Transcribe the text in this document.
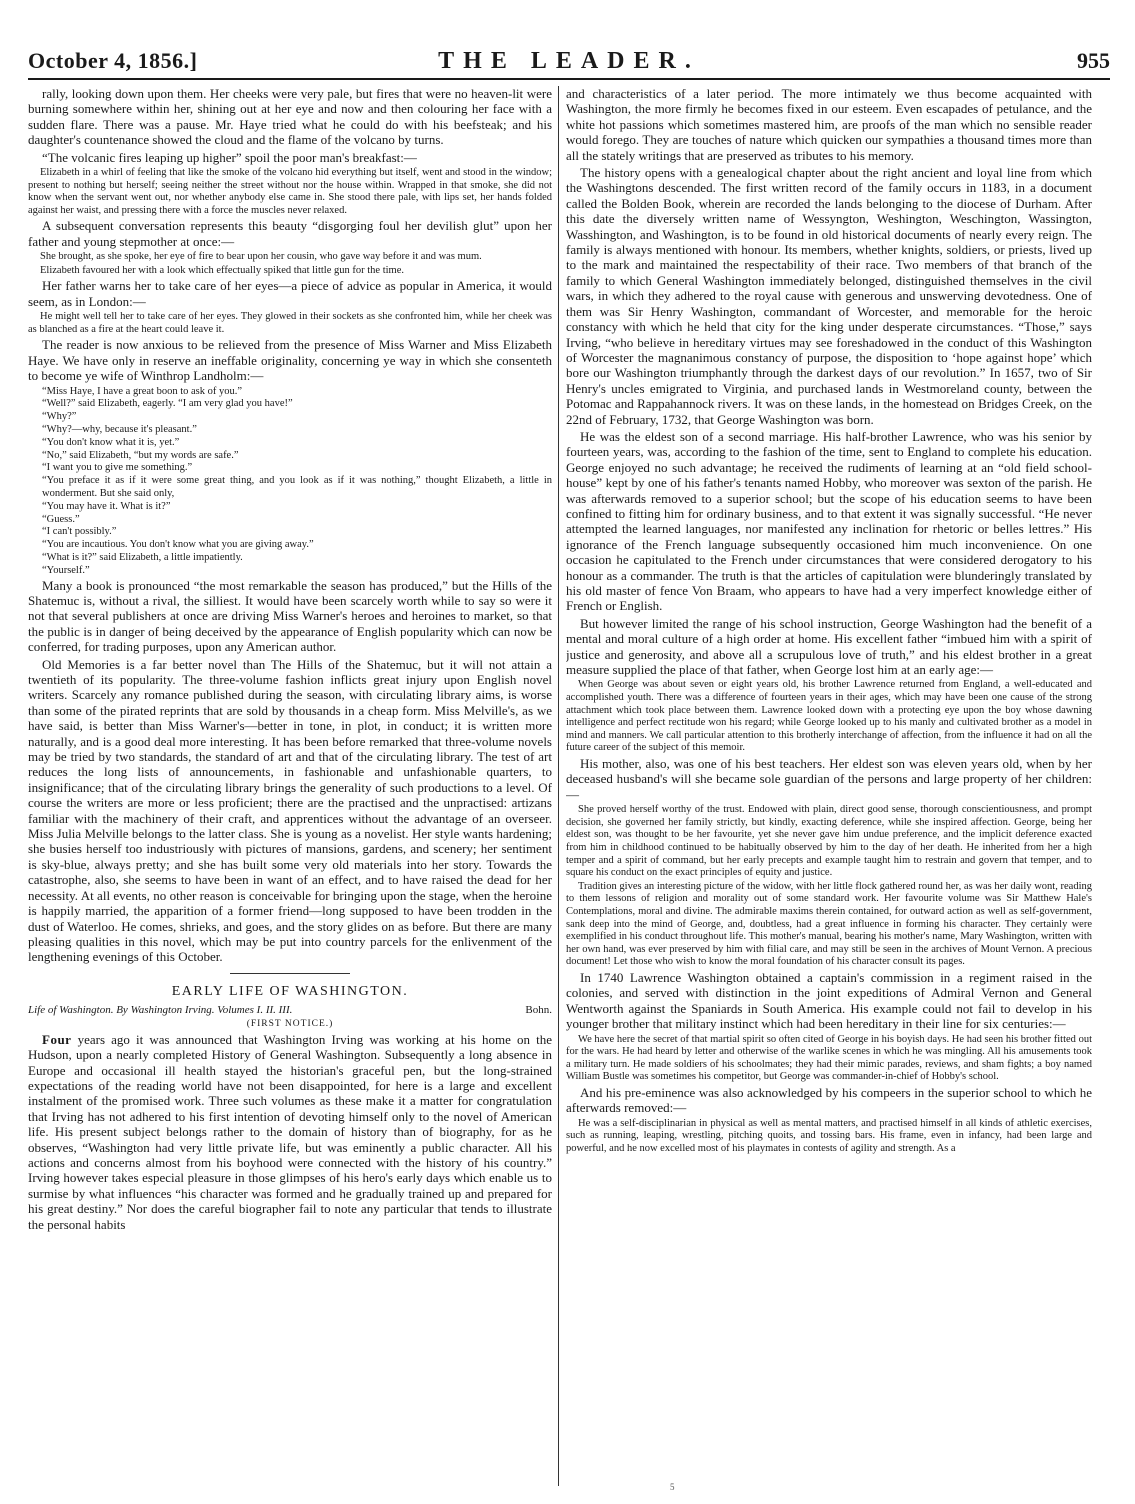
October 4, 1856.]	THE LEADER.	955

rally, looking down upon them. Her cheeks were very pale, but fires that were no heaven-lit were burning somewhere within her, shining out at her eye and now and then colouring her face with a sudden flare. There was a pause. Mr. Haye tried what he could do with his beefsteak; and his daughter's countenance showed the cloud and the flame of the volcano by turns.

“The volcanic fires leaping up higher” spoil the poor man's breakfast:—

Elizabeth in a whirl of feeling that like the smoke of the volcano hid everything but itself, went and stood in the window; present to nothing but herself; seeing neither the street without nor the house within. Wrapped in that smoke, she did not know when the servant went out, nor whether anybody else came in. She stood there pale, with lips set, her hands folded against her waist, and pressing there with a force the muscles never relaxed.

A subsequent conversation represents this beauty “disgorging foul her devilish glut” upon her father and young stepmother at once:—

She brought, as she spoke, her eye of fire to bear upon her cousin, who gave way before it and was mum.

Elizabeth favoured her with a look which effectually spiked that little gun for the time.

Her father warns her to take care of her eyes—a piece of advice as popular in America, it would seem, as in London:—

He might well tell her to take care of her eyes. They glowed in their sockets as she confronted him, while her cheek was as blanched as a fire at the heart could leave it.

The reader is now anxious to be relieved from the presence of Miss Warner and Miss Elizabeth Haye. We have only in reserve an ineffable originality, concerning ye way in which she consenteth to become ye wife of Winthrop Landholm:—

“Miss Haye, I have a great boon to ask of you.”

“Well?” said Elizabeth, eagerly. “I am very glad you have!”

“Why?”

“Why?—why, because it's pleasant.”

“You don't know what it is, yet.”

“No,” said Elizabeth, “but my words are safe.”

“I want you to give me something.”

“You preface it as if it were some great thing, and you look as if it was nothing,” thought Elizabeth, a little in wonderment. But she said only,

“You may have it. What is it?”

“Guess.”

“I can't possibly.”

“You are incautious. You don't know what you are giving away.”

“What is it?” said Elizabeth, a little impatiently.

“Yourself.”

Many a book is pronounced “the most remarkable the season has produced,” but the Hills of the Shatemuc is, without a rival, the silliest. It would have been scarcely worth while to say so were it not that several publishers at once are driving Miss Warner's heroes and heroines to market, so that the public is in danger of being deceived by the appearance of English popularity which can now be conferred, for trading purposes, upon any American author.

Old Memories is a far better novel than The Hills of the Shatemuc, but it will not attain a twentieth of its popularity. The three-volume fashion inflicts great injury upon English novel writers. Scarcely any romance published during the season, with circulating library aims, is worse than some of the pirated reprints that are sold by thousands in a cheap form. Miss Melville's, as we have said, is better than Miss Warner's—better in tone, in plot, in conduct; it is written more naturally, and is a good deal more interesting. It has been before remarked that three-volume novels may be tried by two standards, the standard of art and that of the circulating library. The test of art reduces the long lists of announcements, in fashionable and unfashionable quarters, to insignificance; that of the circulating library brings the generality of such productions to a level. Of course the writers are more or less proficient; there are the practised and the unpractised: artizans familiar with the machinery of their craft, and apprentices without the advantage of an overseer. Miss Julia Melville belongs to the latter class. She is young as a novelist. Her style wants hardening; she busies herself too industriously with pictures of mansions, gardens, and scenery; her sentiment is sky-blue, always pretty; and she has built some very old materials into her story. Towards the catastrophe, also, she seems to have been in want of an effect, and to have raised the dead for her necessity. At all events, no other reason is conceivable for bringing upon the stage, when the heroine is happily married, the apparition of a former friend—long supposed to have been trodden in the dust of Waterloo. He comes, shrieks, and goes, and the story glides on as before. But there are many pleasing qualities in this novel, which may be put into country parcels for the enlivenment of the lengthening evenings of this October.

EARLY LIFE OF WASHINGTON.
Life of Washington. By Washington Irving. Volumes I. II. III.	Bohn.
(FIRST NOTICE.)

Four years ago it was announced that Washington Irving was working at his home on the Hudson, upon a nearly completed History of General Washington. Subsequently a long absence in Europe and occasional ill health stayed the historian's graceful pen, but the long-strained expectations of the reading world have not been disappointed, for here is a large and excellent instalment of the promised work. Three such volumes as these make it a matter for congratulation that Irving has not adhered to his first intention of devoting himself only to the novel of American life. His present subject belongs rather to the domain of history than of biography, for as he observes, “Washington had very little private life, but was eminently a public character. All his actions and concerns almost from his boyhood were connected with the history of his country.” Irving however takes especial pleasure in those glimpses of his hero's early days which enable us to surmise by what influences “his character was formed and he gradually trained up and prepared for his great destiny.” Nor does the careful biographer fail to note any particular that tends to illustrate the personal habits

and characteristics of a later period. The more intimately we thus become acquainted with Washington, the more firmly he becomes fixed in our esteem. Even escapades of petulance, and the white hot passions which sometimes mastered him, are proofs of the man which no sensible reader would forego. They are touches of nature which quicken our sympathies a thousand times more than all the stately writings that are preserved as tributes to his memory.

The history opens with a genealogical chapter about the right ancient and loyal line from which the Washingtons descended. The first written record of the family occurs in 1183, in a document called the Bolden Book, wherein are recorded the lands belonging to the diocese of Durham. After this date the diversely written name of Wessyngton, Weshington, Weschington, Wassington, Wasshington, and Washington, is to be found in old historical documents of nearly every reign. The family is always mentioned with honour. Its members, whether knights, soldiers, or priests, lived up to the mark and maintained the respectability of their race. Two members of that branch of the family to which General Washington immediately belonged, distinguished themselves in the civil wars, in which they adhered to the royal cause with generous and unswerving devotedness. One of them was Sir Henry Washington, commandant of Worcester, and memorable for the heroic constancy with which he held that city for the king under desperate circumstances. “Those,” says Irving, “who believe in hereditary virtues may see foreshadowed in the conduct of this Washington of Worcester the magnanimous constancy of purpose, the disposition to ‘hope against hope’ which bore our Washington triumphantly through the darkest days of our revolution.” In 1657, two of Sir Henry's uncles emigrated to Virginia, and purchased lands in Westmoreland county, between the Potomac and Rappahannock rivers. It was on these lands, in the homestead on Bridges Creek, on the 22nd of February, 1732, that George Washington was born.

He was the eldest son of a second marriage. His half-brother Lawrence, who was his senior by fourteen years, was, according to the fashion of the time, sent to England to complete his education. George enjoyed no such advantage; he received the rudiments of learning at an “old field school-house” kept by one of his father's tenants named Hobby, who moreover was sexton of the parish. He was afterwards removed to a superior school; but the scope of his education seems to have been confined to fitting him for ordinary business, and to that extent it was signally successful. “He never attempted the learned languages, nor manifested any inclination for rhetoric or belles lettres.” His ignorance of the French language subsequently occasioned him much inconvenience. On one occasion he capitulated to the French under circumstances that were considered derogatory to his honour as a commander. The truth is that the articles of capitulation were blunderingly translated by his old master of fence Von Braam, who appears to have had a very imperfect knowledge either of French or English.

But however limited the range of his school instruction, George Washington had the benefit of a mental and moral culture of a high order at home. His excellent father “imbued him with a spirit of justice and generosity, and above all a scrupulous love of truth,” and his eldest brother in a great measure supplied the place of that father, when George lost him at an early age:—

When George was about seven or eight years old, his brother Lawrence returned from England, a well-educated and accomplished youth. There was a difference of fourteen years in their ages, which may have been one cause of the strong attachment which took place between them. Lawrence looked down with a protecting eye upon the boy whose dawning intelligence and perfect rectitude won his regard; while George looked up to his manly and cultivated brother as a model in mind and manners. We call particular attention to this brotherly interchange of affection, from the influence it had on all the future career of the subject of this memoir.

His mother, also, was one of his best teachers. Her eldest son was eleven years old, when by her deceased husband's will she became sole guardian of the persons and large property of her children:—

She proved herself worthy of the trust. Endowed with plain, direct good sense, thorough conscientiousness, and prompt decision, she governed her family strictly, but kindly, exacting deference, while she inspired affection. George, being her eldest son, was thought to be her favourite, yet she never gave him undue preference, and the implicit deference exacted from him in childhood continued to be habitually observed by him to the day of her death. He inherited from her a high temper and a spirit of command, but her early precepts and example taught him to restrain and govern that temper, and to square his conduct on the exact principles of equity and justice.

Tradition gives an interesting picture of the widow, with her little flock gathered round her, as was her daily wont, reading to them lessons of religion and morality out of some standard work. Her favourite volume was Sir Matthew Hale's Contemplations, moral and divine. The admirable maxims therein contained, for outward action as well as self-government, sank deep into the mind of George, and, doubtless, had a great influence in forming his character. They certainly were exemplified in his conduct throughout life. This mother's manual, bearing his mother's name, Mary Washington, written with her own hand, was ever preserved by him with filial care, and may still be seen in the archives of Mount Vernon. A precious document! Let those who wish to know the moral foundation of his character consult its pages.

In 1740 Lawrence Washington obtained a captain's commission in a regiment raised in the colonies, and served with distinction in the joint expeditions of Admiral Vernon and General Wentworth against the Spaniards in South America. His example could not fail to develop in his younger brother that military instinct which had been hereditary in their line for six centuries:—

We have here the secret of that martial spirit so often cited of George in his boyish days. He had seen his brother fitted out for the wars. He had heard by letter and otherwise of the warlike scenes in which he was mingling. All his amusements took a military turn. He made soldiers of his schoolmates; they had their mimic parades, reviews, and sham fights; a boy named William Bustle was sometimes his competitor, but George was commander-in-chief of Hobby's school.

And his pre-eminence was also acknowledged by his compeers in the superior school to which he afterwards removed:—

He was a self-disciplinarian in physical as well as mental matters, and practised himself in all kinds of athletic exercises, such as running, leaping, wrestling, pitching quoits, and tossing bars. His frame, even in infancy, had been large and powerful, and he now excelled most of his playmates in contests of agility and strength. As a

5
